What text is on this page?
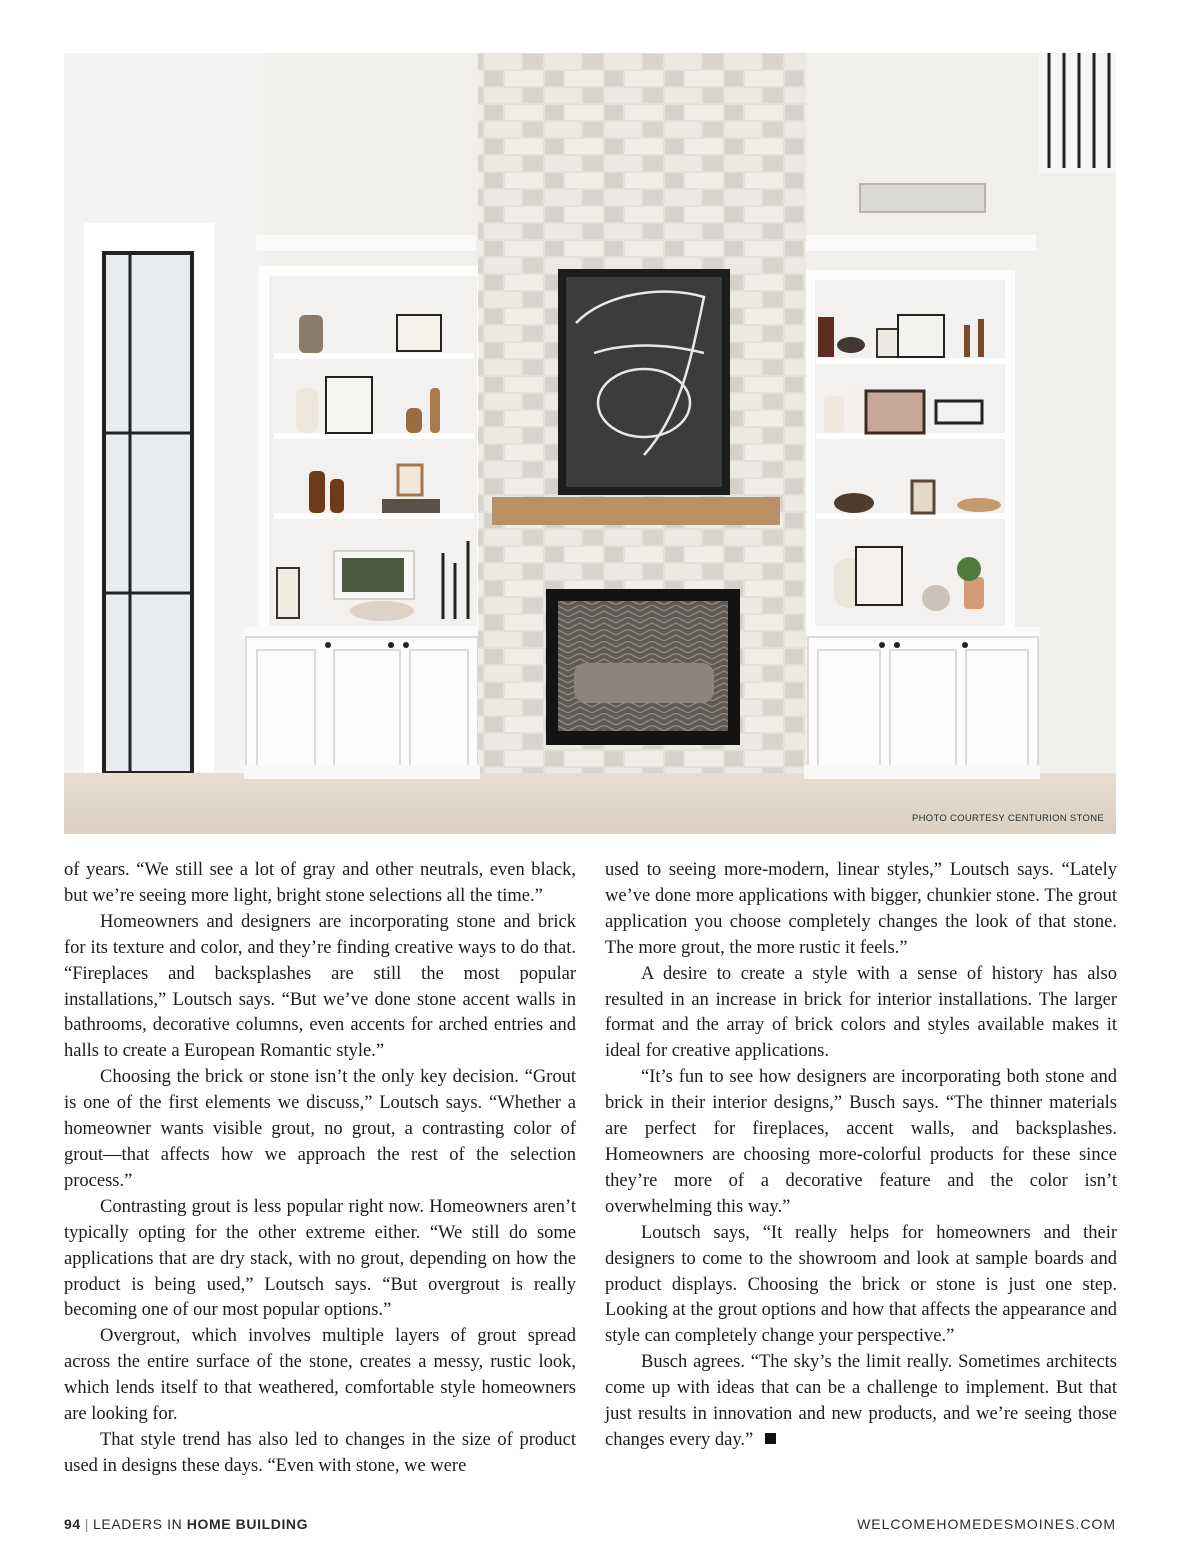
PHOTO COURTESY CENTURION STONE

of years. “We still see a lot of gray and other neutrals, even black, but we’re seeing more light, bright stone selections all the time.”

Homeowners and designers are incorporating stone and brick for its texture and color, and they’re finding creative ways to do that. “Fireplaces and backsplashes are still the most popular installations,” Loutsch says. “But we’ve done stone accent walls in bathrooms, decorative columns, even accents for arched entries and halls to create a European Romantic style.”

Choosing the brick or stone isn’t the only key decision. “Grout is one of the first elements we discuss,” Loutsch says. “Whether a homeowner wants visible grout, no grout, a contrasting color of grout—that affects how we approach the rest of the selection process.”

Contrasting grout is less popular right now. Homeowners aren’t typically opting for the other extreme either. “We still do some applications that are dry stack, with no grout, depending on how the product is being used,” Loutsch says. “But overgrout is really becoming one of our most popular options.”

Overgrout, which involves multiple layers of grout spread across the entire surface of the stone, creates a messy, rustic look, which lends itself to that weathered, comfortable style homeowners are looking for.

That style trend has also led to changes in the size of product used in designs these days. “Even with stone, we were

used to seeing more-modern, linear styles,” Loutsch says. “Lately we’ve done more applications with bigger, chunkier stone. The grout application you choose completely changes the look of that stone. The more grout, the more rustic it feels.”

A desire to create a style with a sense of history has also resulted in an increase in brick for interior installations. The larger format and the array of brick colors and styles available makes it ideal for creative applications.

“It’s fun to see how designers are incorporating both stone and brick in their interior designs,” Busch says. “The thinner materials are perfect for fireplaces, accent walls, and backsplashes. Homeowners are choosing more-colorful products for these since they’re more of a decorative feature and the color isn’t overwhelming this way.”

Loutsch says, “It really helps for homeowners and their designers to come to the showroom and look at sample boards and product displays. Choosing the brick or stone is just one step. Looking at the grout options and how that affects the appearance and style can completely change your perspective.”

Busch agrees. “The sky’s the limit really. Sometimes architects come up with ideas that can be a challenge to implement. But that just results in innovation and new products, and we’re seeing those changes every day.”

94 | LEADERS IN HOME BUILDING	WELCOMEHOMEDESMOINES.COM
